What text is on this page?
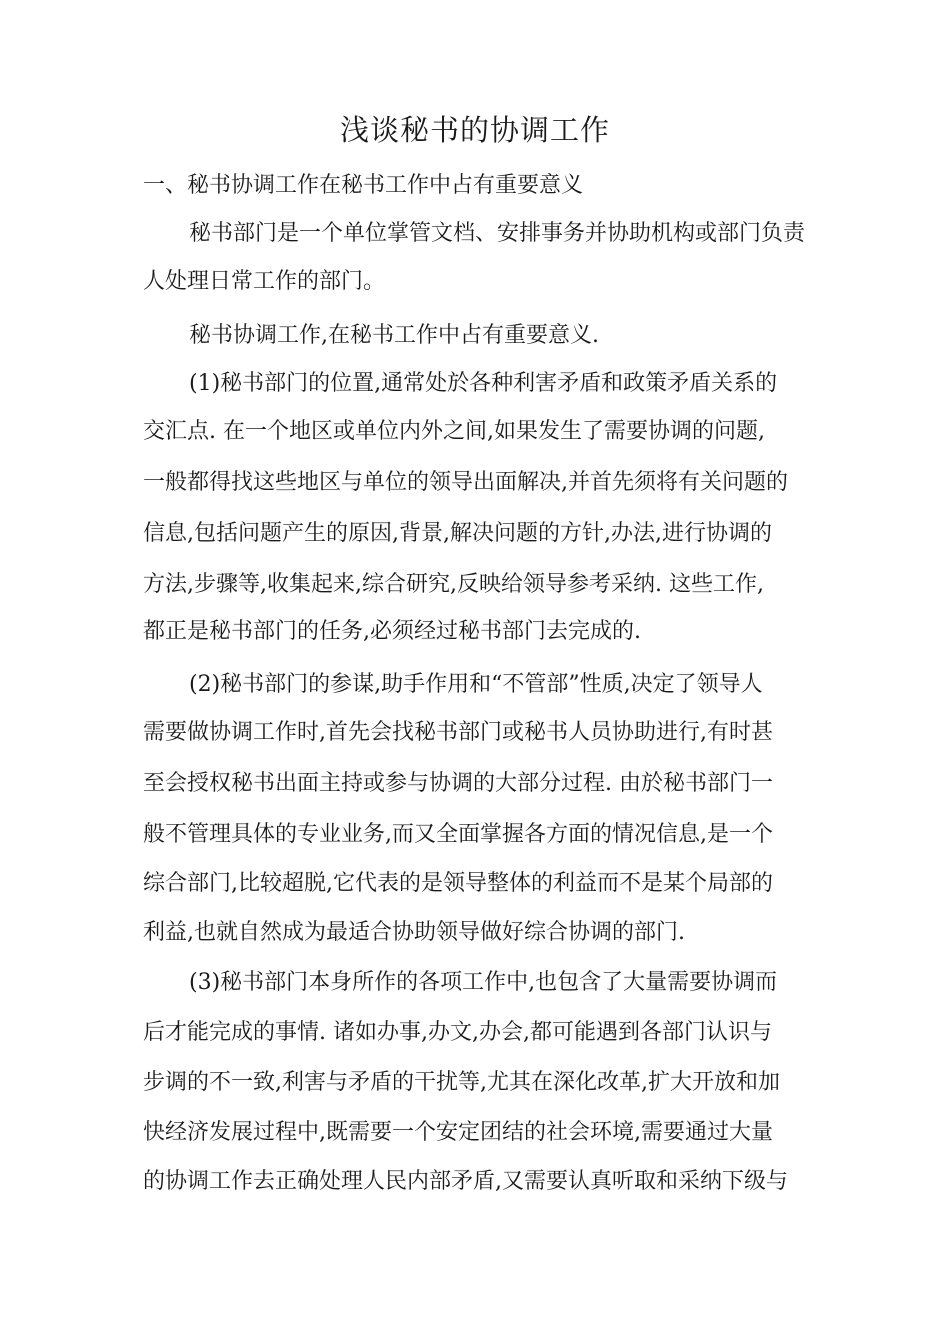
浅谈秘书的协调工作
一、秘书协调工作在秘书工作中占有重要意义
秘书部门是一个单位掌管文档、安排事务并协助机构或部门负责
人处理日常工作的部门。
秘书协调工作,在秘书工作中占有重要意义.
(1)秘书部门的位置,通常处於各种利害矛盾和政策矛盾关系的
交汇点. 在一个地区或单位内外之间,如果发生了需要协调的问题,
一般都得找这些地区与单位的领导出面解决,并首先须将有关问题的
信息,包括问题产生的原因,背景,解决问题的方针,办法,进行协调的
方法,步骤等,收集起来,综合研究,反映给领导参考采纳. 这些工作,
都正是秘书部门的任务,必须经过秘书部门去完成的.
(2)秘书部门的参谋,助手作用和“不管部”性质,决定了领导人
需要做协调工作时,首先会找秘书部门或秘书人员协助进行,有时甚
至会授权秘书出面主持或参与协调的大部分过程. 由於秘书部门一
般不管理具体的专业业务,而又全面掌握各方面的情况信息,是一个
综合部门,比较超脱,它代表的是领导整体的利益而不是某个局部的
利益,也就自然成为最适合协助领导做好综合协调的部门.
(3)秘书部门本身所作的各项工作中,也包含了大量需要协调而
后才能完成的事情. 诸如办事,办文,办会,都可能遇到各部门认识与
步调的不一致,利害与矛盾的干扰等,尤其在深化改革,扩大开放和加
快经济发展过程中,既需要一个安定团结的社会环境,需要通过大量
的协调工作去正确处理人民内部矛盾,又需要认真听取和采纳下级与
